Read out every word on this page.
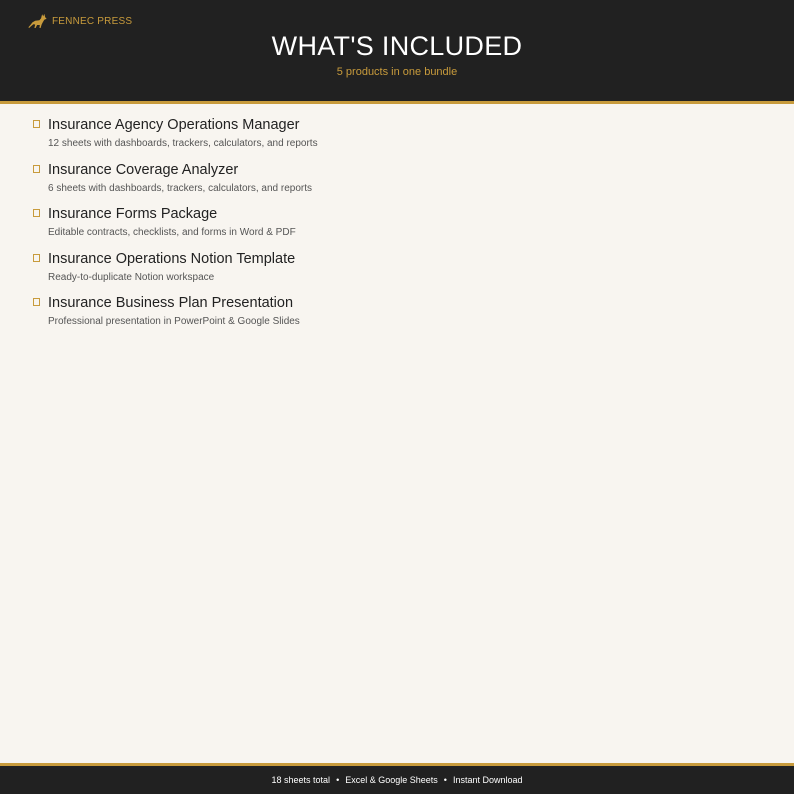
FENNEC PRESS
WHAT'S INCLUDED
5 products in one bundle
Insurance Agency Operations Manager
12 sheets with dashboards, trackers, calculators, and reports
Insurance Coverage Analyzer
6 sheets with dashboards, trackers, calculators, and reports
Insurance Forms Package
Editable contracts, checklists, and forms in Word & PDF
Insurance Operations Notion Template
Ready-to-duplicate Notion workspace
Insurance Business Plan Presentation
Professional presentation in PowerPoint & Google Slides
18 sheets total • Excel & Google Sheets • Instant Download
